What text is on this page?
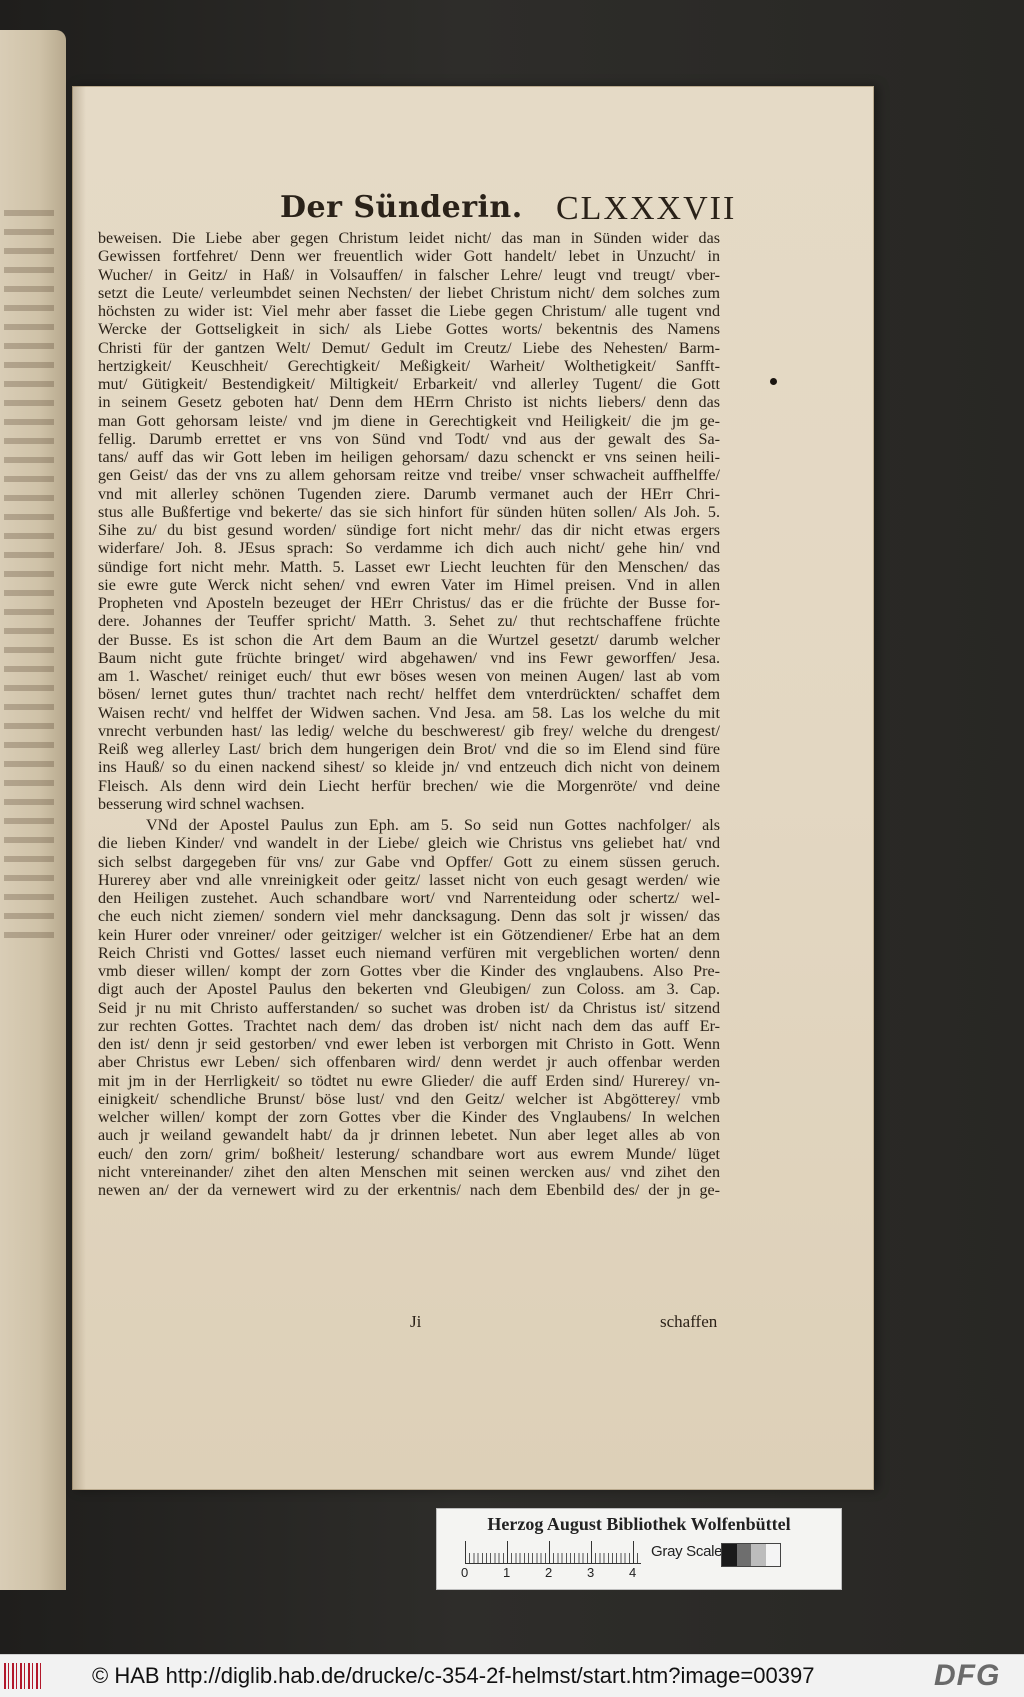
Der Sünderin. CLXXXVII
beweisen. Die Liebe aber gegen Christum leidet nicht/ das man in Sünden wider das
Gewissen fortfehret/ Denn wer freuentlich wider Gott handelt/ lebet in Unzucht/ in
Wucher/ in Geitz/ in Haß/ in Volsauffen/ in falscher Lehre/ leugt vnd treugt/ vber-
setzt die Leute/ verleumbdet seinen Nechsten/ der liebet Christum nicht/ dem solches zum
höchsten zu wider ist: Viel mehr aber fasset die Liebe gegen Christum/ alle tugent vnd
Wercke der Gottseligkeit in sich/ als Liebe Gottes worts/ bekentnis des Namens
Christi für der gantzen Welt/ Demut/ Gedult im Creutz/ Liebe des Nehesten/ Barm-
hertzigkeit/ Keuschheit/ Gerechtigkeit/ Meßigkeit/ Warheit/ Wolthetigkeit/ Sanfft-
mut/ Gütigkeit/ Bestendigkeit/ Miltigkeit/ Erbarkeit/ vnd allerley Tugent/ die Gott
in seinem Gesetz geboten hat/ Denn dem HErrn Christo ist nichts liebers/ denn das
man Gott gehorsam leiste/ vnd jm diene in Gerechtigkeit vnd Heiligkeit/ die jm ge-
fellig. Darumb errettet er vns von Sünd vnd Todt/ vnd aus der gewalt des Sa-
tans/ auff das wir Gott leben im heiligen gehorsam/ dazu schenckt er vns seinen heili-
gen Geist/ das der vns zu allem gehorsam reitze vnd treibe/ vnser schwacheit auffhelffe/
vnd mit allerley schönen Tugenden ziere. Darumb vermanet auch der HErr Chri-
stus alle Bußfertige vnd bekerte/ das sie sich hinfort für sünden hüten sollen/ Als Joh. 5.
Sihe zu/ du bist gesund worden/ sündige fort nicht mehr/ das dir nicht etwas ergers
widerfare/ Joh. 8. JEsus sprach: So verdamme ich dich auch nicht/ gehe hin/ vnd
sündige fort nicht mehr. Matth. 5. Lasset ewr Liecht leuchten für den Menschen/ das
sie ewre gute Werck nicht sehen/ vnd ewren Vater im Himel preisen. Vnd in allen
Propheten vnd Aposteln bezeuget der HErr Christus/ das er die früchte der Busse for-
dere. Johannes der Teuffer spricht/ Matth. 3. Sehet zu/ thut rechtschaffene früchte
der Busse. Es ist schon die Art dem Baum an die Wurtzel gesetzt/ darumb welcher
Baum nicht gute früchte bringet/ wird abgehawen/ vnd ins Fewr geworffen/ Jesa.
am 1. Waschet/ reiniget euch/ thut ewr böses wesen von meinen Augen/ last ab vom
bösen/ lernet gutes thun/ trachtet nach recht/ helffet dem vnterdrückten/ schaffet dem
Waisen recht/ vnd helffet der Widwen sachen. Vnd Jesa. am 58. Las los welche du mit
vnrecht verbunden hast/ las ledig/ welche du beschwerest/ gib frey/ welche du drengest/
Reiß weg allerley Last/ brich dem hungerigen dein Brot/ vnd die so im Elend sind füre
ins Hauß/ so du einen nackend sihest/ so kleide jn/ vnd entzeuch dich nicht von deinem
Fleisch. Als denn wird dein Liecht herfür brechen/ wie die Morgenröte/ vnd deine
besserung wird schnel wachsen.
VNd der Apostel Paulus zun Eph. am 5. So seid nun Gottes nachfolger/ als
die lieben Kinder/ vnd wandelt in der Liebe/ gleich wie Christus vns geliebet hat/ vnd
sich selbst dargegeben für vns/ zur Gabe vnd Opffer/ Gott zu einem süssen geruch.
Hurerey aber vnd alle vnreinigkeit oder geitz/ lasset nicht von euch gesagt werden/ wie
den Heiligen zustehet. Auch schandbare wort/ vnd Narrenteidung oder schertz/ wel-
che euch nicht ziemen/ sondern viel mehr dancksagung. Denn das solt jr wissen/ das
kein Hurer oder vnreiner/ oder geitziger/ welcher ist ein Götzendiener/ Erbe hat an dem
Reich Christi vnd Gottes/ lasset euch niemand verfüren mit vergeblichen worten/ denn
vmb dieser willen/ kompt der zorn Gottes vber die Kinder des vnglaubens. Also Pre-
digt auch der Apostel Paulus den bekerten vnd Gleubigen/ zun Coloss. am 3. Cap.
Seid jr nu mit Christo aufferstanden/ so suchet was droben ist/ da Christus ist/ sitzend
zur rechten Gottes. Trachtet nach dem/ das droben ist/ nicht nach dem das auff Er-
den ist/ denn jr seid gestorben/ vnd ewer leben ist verborgen mit Christo in Gott. Wenn
aber Christus ewr Leben/ sich offenbaren wird/ denn werdet jr auch offenbar werden
mit jm in der Herrligkeit/ so tödtet nu ewre Glieder/ die auff Erden sind/ Hurerey/ vn-
einigkeit/ schendliche Brunst/ böse lust/ vnd den Geitz/ welcher ist Abgötterey/ vmb
welcher willen/ kompt der zorn Gottes vber die Kinder des Vnglaubens/ In welchen
auch jr weiland gewandelt habt/ da jr drinnen lebetet. Nun aber leget alles ab von
euch/ den zorn/ grim/ boßheit/ lesterung/ schandbare wort aus ewrem Munde/ lüget
nicht vntereinander/ zihet den alten Menschen mit seinen wercken aus/ vnd zihet den
newen an/ der da vernewert wird zu der erkentnis/ nach dem Ebenbild des/ der jn ge-
Ji	schaffen
Herzog August Bibliothek Wolfenbüttel
0	1	2	3	4
Gray Scale
© HAB http://diglib.hab.de/drucke/c-354-2f-helmst/start.htm?image=00397	DFG
